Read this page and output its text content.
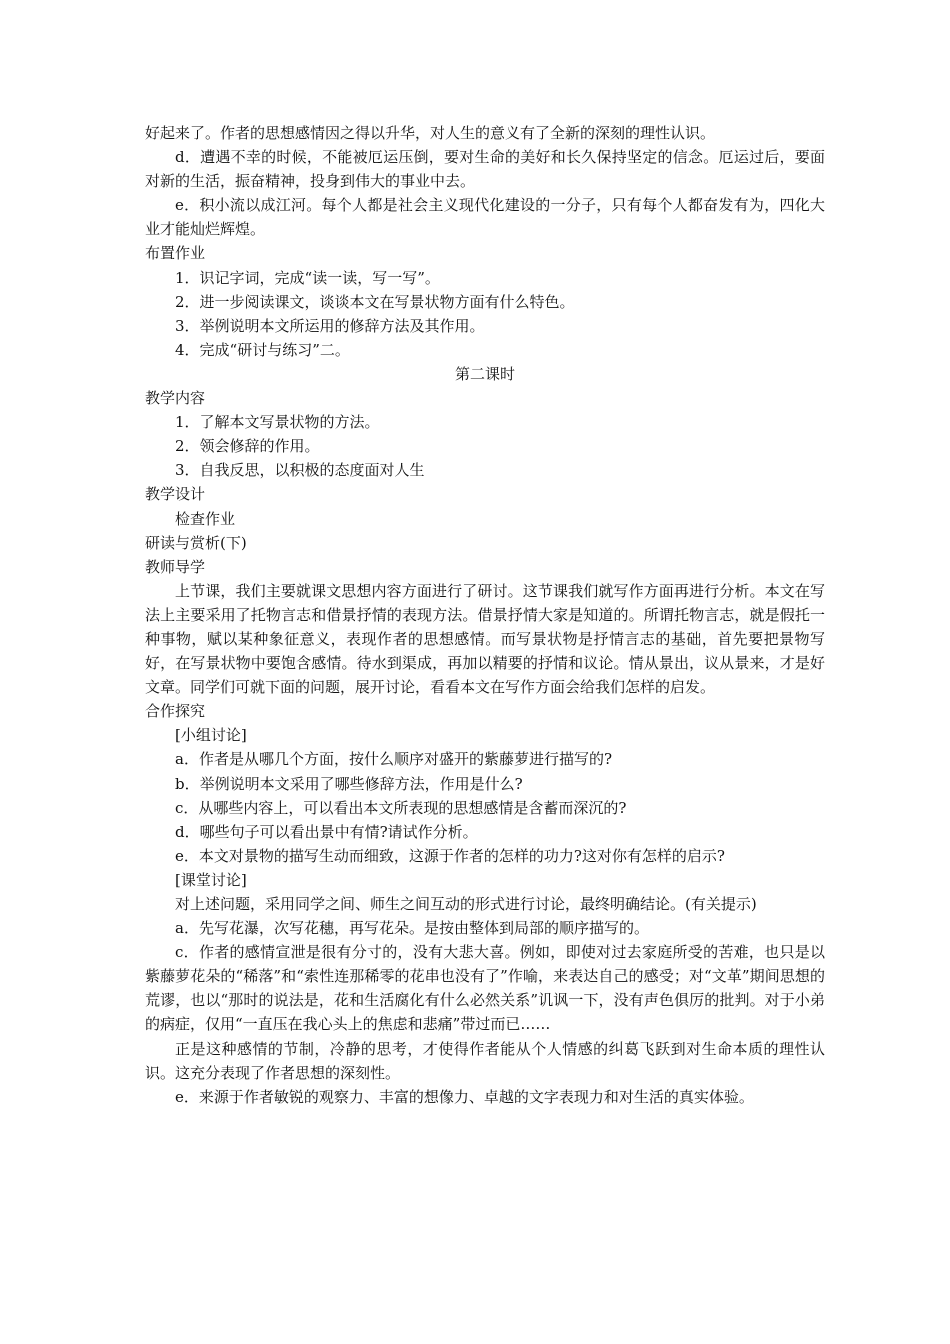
好起来了。作者的思想感情因之得以升华，对人生的意义有了全新的深刻的理性认识。

d．遭遇不幸的时候，不能被厄运压倒，要对生命的美好和长久保持坚定的信念。厄运过后，要面对新的生活，振奋精神，投身到伟大的事业中去。

e．积小流以成江河。每个人都是社会主义现代化建设的一分子，只有每个人都奋发有为，四化大业才能灿烂辉煌。

布置作业

1．识记字词，完成“读一读，写一写”。

2．进一步阅读课文，谈谈本文在写景状物方面有什么特色。

3．举例说明本文所运用的修辞方法及其作用。

4．完成“研讨与练习”二。

第二课时

教学内容

1．了解本文写景状物的方法。

2．领会修辞的作用。

3．自我反思，以积极的态度面对人生

教学设计

检查作业

研读与赏析(下)

教师导学

上节课，我们主要就课文思想内容方面进行了研讨。这节课我们就写作方面再进行分析。本文在写法上主要采用了托物言志和借景抒情的表现方法。借景抒情大家是知道的。所谓托物言志，就是假托一种事物，赋以某种象征意义，表现作者的思想感情。而写景状物是抒情言志的基础，首先要把景物写好，在写景状物中要饱含感情。待水到渠成，再加以精要的抒情和议论。情从景出，议从景来，才是好文章。同学们可就下面的问题，展开讨论，看看本文在写作方面会给我们怎样的启发。

合作探究

[小组讨论]

a．作者是从哪几个方面，按什么顺序对盛开的紫藤萝进行描写的?

b．举例说明本文采用了哪些修辞方法，作用是什么?

c．从哪些内容上，可以看出本文所表现的思想感情是含蓄而深沉的?

d．哪些句子可以看出景中有情?请试作分析。

e．本文对景物的描写生动而细致，这源于作者的怎样的功力?这对你有怎样的启示?

[课堂讨论]

对上述问题，采用同学之间、师生之间互动的形式进行讨论，最终明确结论。(有关提示)

a．先写花瀑，次写花穗，再写花朵。是按由整体到局部的顺序描写的。

c．作者的感情宣泄是很有分寸的，没有大悲大喜。例如，即使对过去家庭所受的苦难，也只是以紫藤萝花朵的“稀落”和“索性连那稀零的花串也没有了”作喻，来表达自己的感受；对“文革”期间思想的荒谬，也以“那时的说法是，花和生活腐化有什么必然关系”讥讽一下，没有声色俱厉的批判。对于小弟的病症，仅用“一直压在我心头上的焦虑和悲痛”带过而已……

正是这种感情的节制，冷静的思考，才使得作者能从个人情感的纠葛飞跃到对生命本质的理性认识。这充分表现了作者思想的深刻性。

e．来源于作者敏锐的观察力、丰富的想像力、卓越的文字表现力和对生活的真实体验。
